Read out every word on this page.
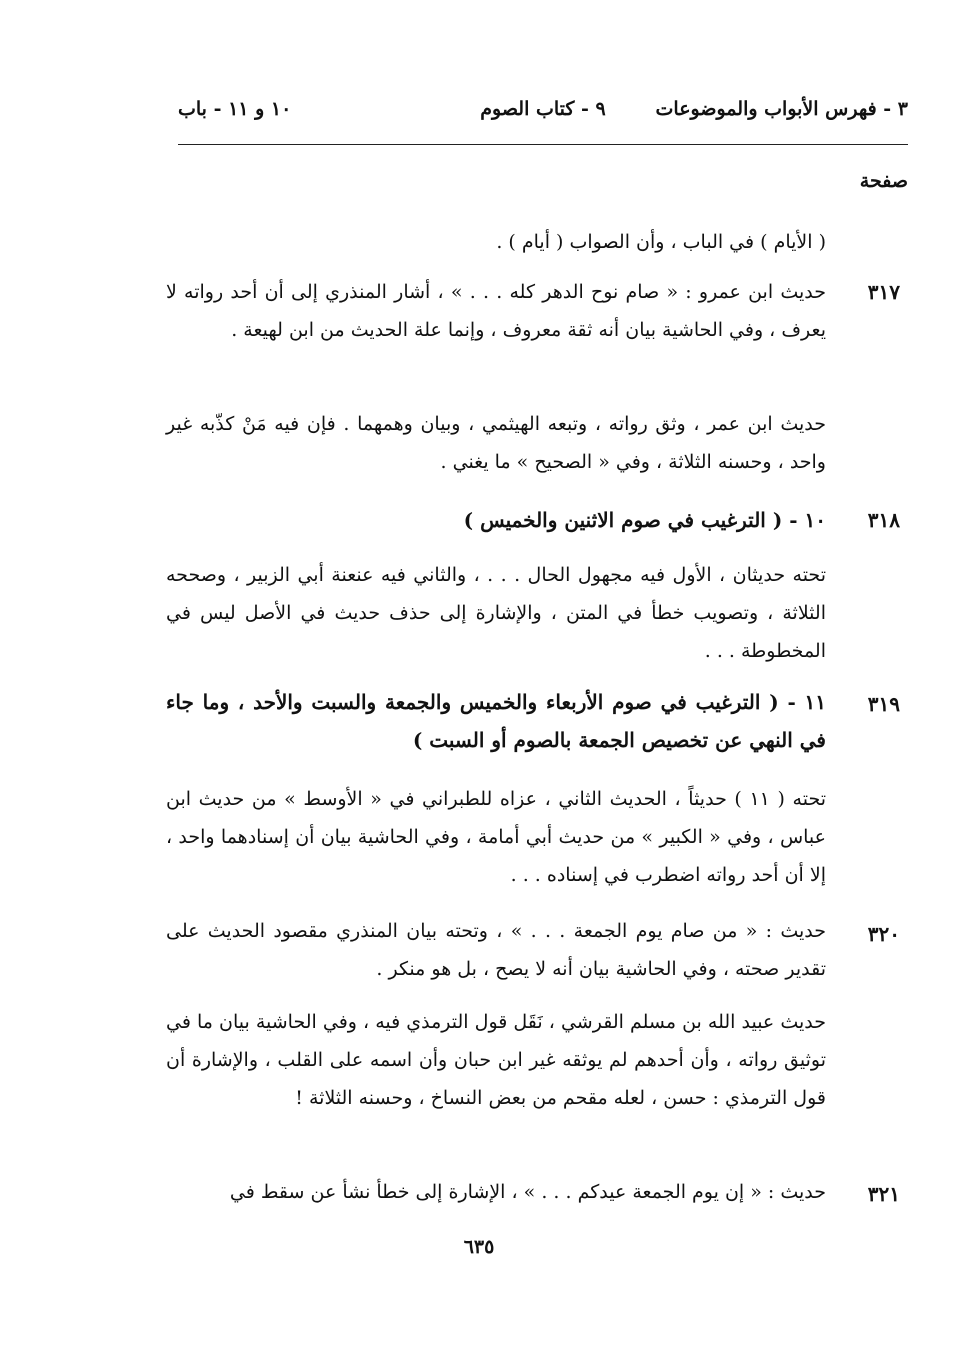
٣ - فهرس الأبواب والموضوعات
٩ - كتاب الصوم
١٠ و ١١ - باب
صفحة
( الأيام ) في الباب ، وأن الصواب ( أيام ) .
٣١٧
حديث ابن عمرو : « صام نوح الدهر كله . . . » ، أشار المنذري إلى أن أحد رواته لا يعرف ، وفي الحاشية بيان أنه ثقة معروف ، وإنما علة الحديث من ابن لهيعة .
حديث ابن عمر ، وثق رواته ، وتبعه الهيثمي ، وبيان وهمهما . فإن فيه مَنْ كذّبه غير واحد ، وحسنه الثلاثة ، وفي « الصحيح » ما يغني .
٣١٨
١٠ - ( الترغيب في صوم الاثنين والخميس )
تحته حديثان ، الأول فيه مجهول الحال . . . ، والثاني فيه عنعنة أبي الزبير ، وصححه الثلاثة ، وتصويب خطأ في المتن ، والإشارة إلى حذف حديث في الأصل ليس في المخطوطة . . .
٣١٩
١١ - ( الترغيب في صوم الأربعاء والخميس والجمعة والسبت والأحد ، وما جاء في النهي عن تخصيص الجمعة بالصوم أو السبت )
تحته ( ١١ ) حديثاً ، الحديث الثاني ، عزاه للطبراني في « الأوسط » من حديث ابن عباس ، وفي « الكبير » من حديث أبي أمامة ، وفي الحاشية بيان أن إسنادهما واحد ، إلا أن أحد رواته اضطرب في إسناده . . .
٣٢٠
حديث : « من صام يوم الجمعة . . . » ، وتحته بيان المنذري مقصود الحديث على تقدير صحته ، وفي الحاشية بيان أنه لا يصح ، بل هو منكر .
حديث عبيد الله بن مسلم القرشي ، نَقَل قول الترمذي فيه ، وفي الحاشية بيان ما في توثيق رواته ، وأن أحدهم لم يوثقه غير ابن حبان وأن اسمه على القلب ، والإشارة أن قول الترمذي : حسن ، لعله مقحم من بعض النساخ ، وحسنه الثلاثة !
٣٢١
حديث : « إن يوم الجمعة عيدكم . . . » ، الإشارة إلى خطأ نشأ عن سقط في
٦٣٥
